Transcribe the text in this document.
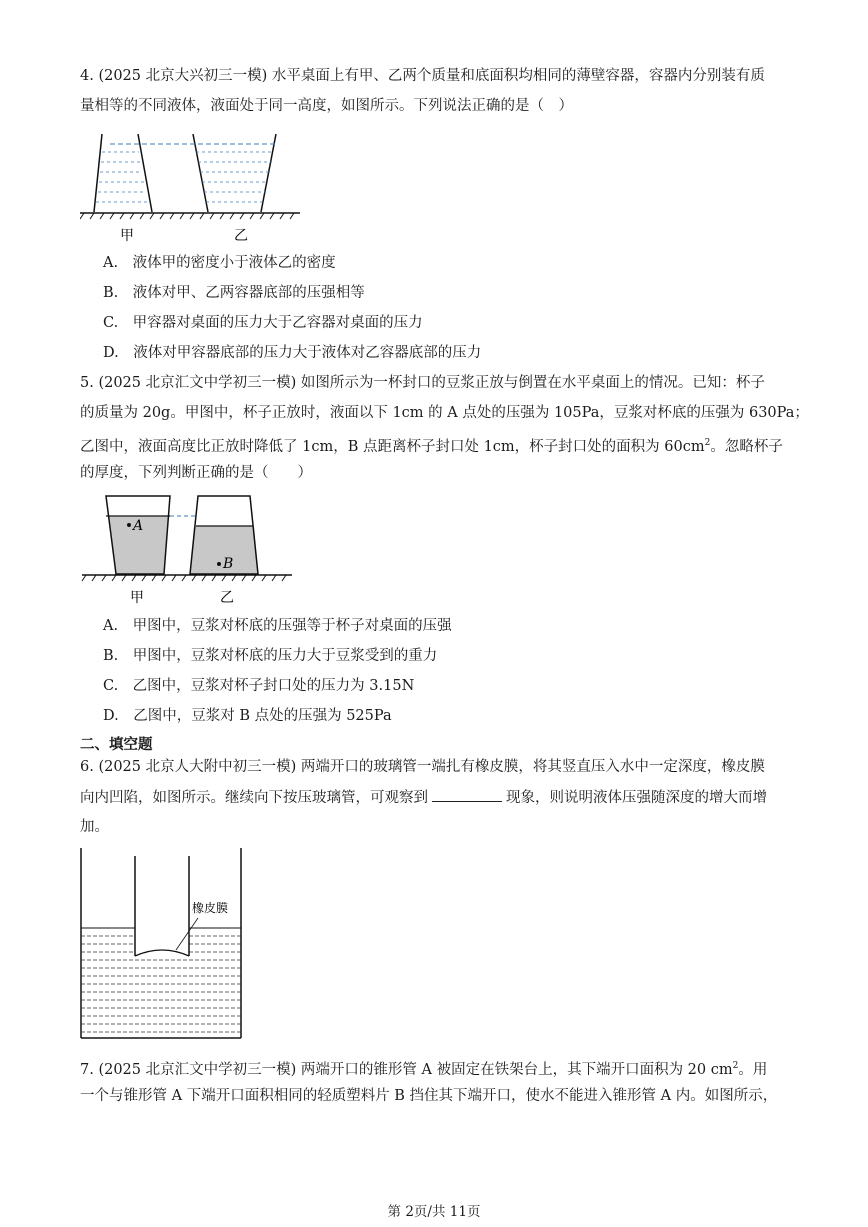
4. (2025 北京大兴初三一模) 水平桌面上有甲、乙两个质量和底面积均相同的薄壁容器，容器内分别装有质
量相等的不同液体，液面处于同一高度，如图所示。下列说法正确的是（　）
甲	乙
A.　液体甲的密度小于液体乙的密度
B.　液体对甲、乙两容器底部的压强相等
C.　甲容器对桌面的压力大于乙容器对桌面的压力
D.　液体对甲容器底部的压力大于液体对乙容器底部的压力
5. (2025 北京汇文中学初三一模) 如图所示为一杯封口的豆浆正放与倒置在水平桌面上的情况。已知：杯子
的质量为 20g。甲图中，杯子正放时，液面以下 1cm 的 A 点处的压强为 105Pa，豆浆对杯底的压强为 630Pa；
乙图中，液面高度比正放时降低了 1cm，B 点距离杯子封口处 1cm，杯子封口处的面积为 $60cm^2$。忽略杯子
的厚度，下列判断正确的是（　　）
A
B
甲	乙
A.　甲图中，豆浆对杯底的压强等于杯子对桌面的压强
B.　甲图中，豆浆对杯底的压力大于豆浆受到的重力
C.　乙图中，豆浆对杯子封口处的压力为 3.15N
D.　乙图中，豆浆对 B 点处的压强为 525Pa
二、填空题
6. (2025 北京人大附中初三一模) 两端开口的玻璃管一端扎有橡皮膜，将其竖直压入水中一定深度，橡皮膜
向内凹陷，如图所示。继续向下按压玻璃管，可观察到	现象，则说明液体压强随深度的增大而增
加。
橡皮膜
7. (2025 北京汇文中学初三一模) 两端开口的锥形管 A 被固定在铁架台上，其下端开口面积为 20 $cm^2$。用
一个与锥形管 A 下端开口面积相同的轻质塑料片 B 挡住其下端开口，使水不能进入锥形管 A 内。如图所示，
第 2页/共 11页
